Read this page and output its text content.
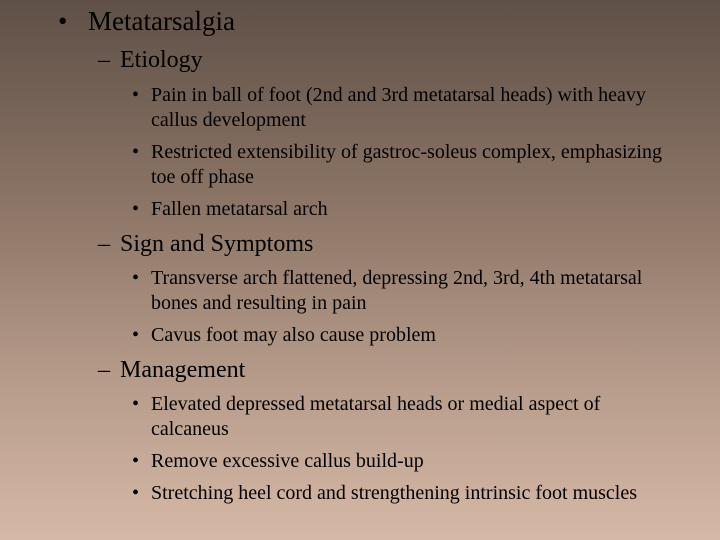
• Metatarsalgia
– Etiology
• Pain in ball of foot (2nd and 3rd metatarsal heads) with heavy callus development
• Restricted extensibility of gastroc-soleus complex, emphasizing toe off phase
• Fallen metatarsal arch
– Sign and Symptoms
• Transverse arch flattened, depressing 2nd, 3rd, 4th metatarsal bones and resulting in pain
• Cavus foot may also cause problem
– Management
• Elevated depressed metatarsal heads or medial aspect of calcaneus
• Remove excessive callus build-up
• Stretching heel cord and strengthening intrinsic foot muscles
